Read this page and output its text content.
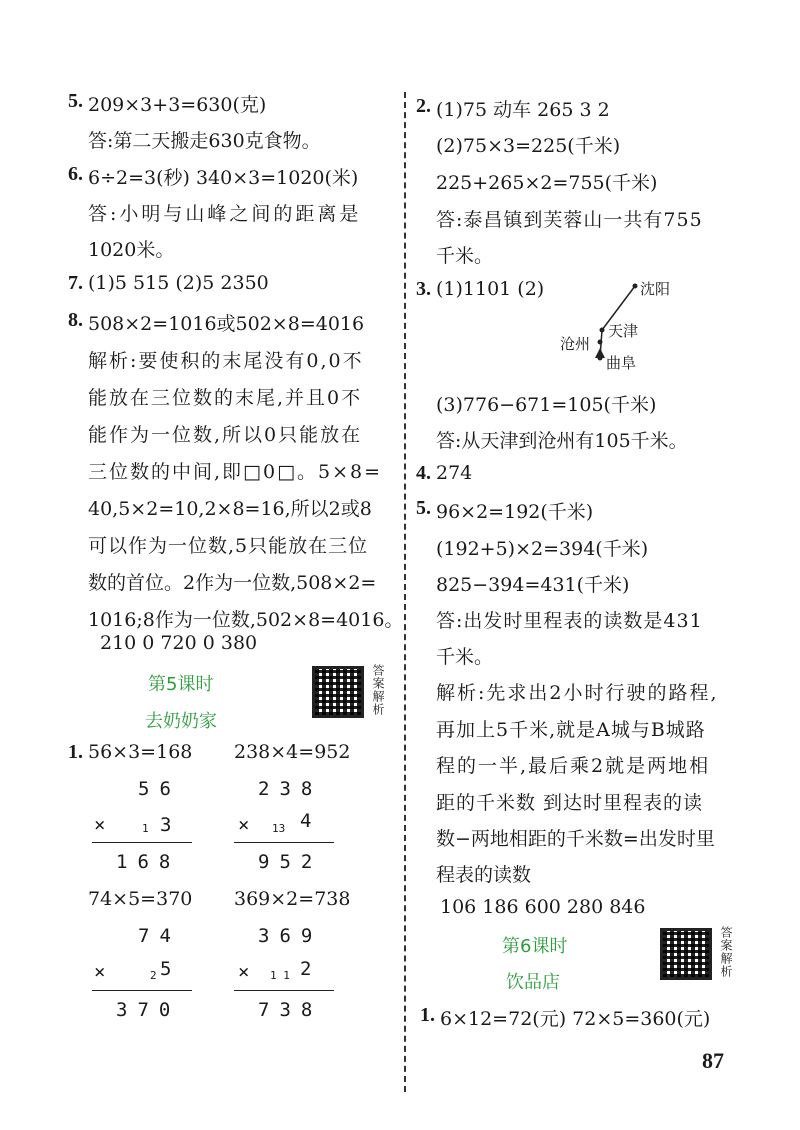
5. 209×3+3=630(克)
答:第二天搬走630克食物。
6. 6÷2=3(秒) 340×3=1020(米)
答:小明与山峰之间的距离是
1020米。
7. (1)5 515 (2)5 2350
8. 508×2=1016或502×8=4016
解析:要使积的末尾没有0,0不
能放在三位数的末尾,并且0不
能作为一位数,所以0只能放在
三位数的中间,即□0□。5×8=
40,5×2=10,2×8=16,所以2或8
可以作为一位数,5只能放在三位
数的首位。2作为一位数,508×2=
1016;8作为一位数,502×8=4016。
210 0 720 0 380
第5课时
去奶奶家
答案解析
1. 56×3=168 238×4=952
56
× 1 3
168
238
× 13 4
952
74×5=370 369×2=738
74
×	2 5
370
369
× 1 1 2
738
2. (1)75 动车 265 3 2
(2)75×3=225(千米)
225+265×2=755(千米)
答:泰昌镇到芙蓉山一共有755
千米。
3. (1)1101 (2)	沈阳
天津
沧州
曲阜
(3)776−671=105(千米)
答:从天津到沧州有105千米。
4. 274
5. 96×2=192(千米)
(192+5)×2=394(千米)
825−394=431(千米)
答:出发时里程表的读数是431
千米。
解析:先求出2小时行驶的路程,
再加上5千米,就是A城与B城路
程的一半,最后乘2就是两地相
距的千米数 到达时里程表的读
数−两地相距的千米数=出发时里
程表的读数
106 186 600 280 846
第6课时
饮品店
答案解析
1. 6×12=72(元) 72×5=360(元)
87
